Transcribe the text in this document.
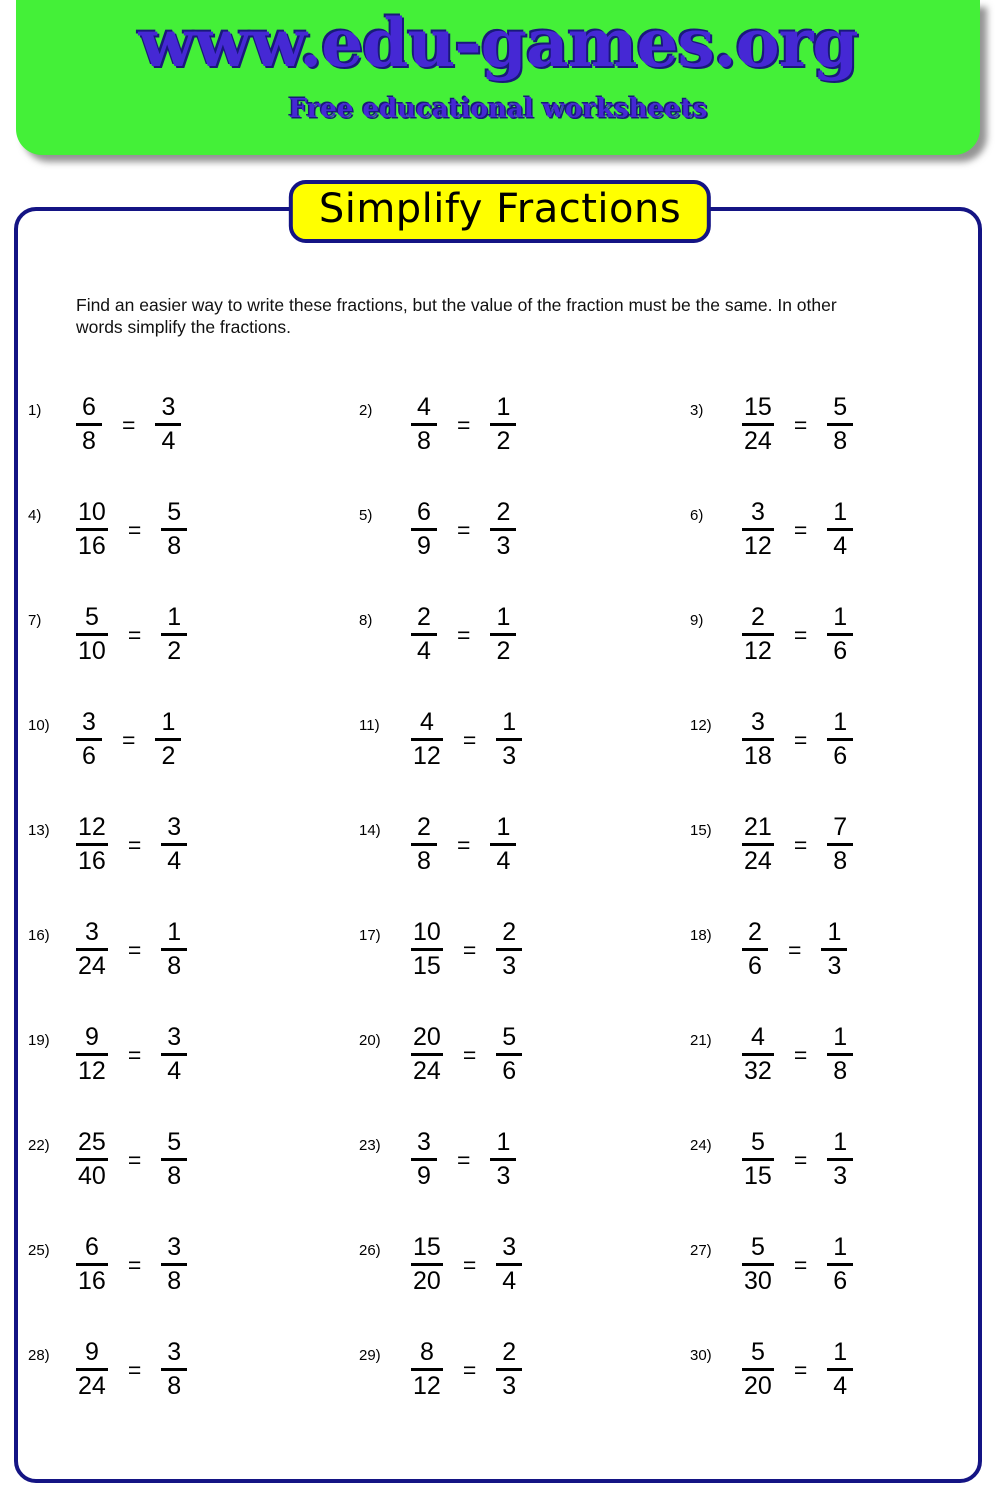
www.edu-games.org
Free educational worksheets
Simplify Fractions
Find an easier way to write these fractions, but the value of the fraction must be the same. In other words simplify the fractions.
$1) \frac{6}{8} = \frac{3}{4}$	$2) \frac{4}{8} = \frac{1}{2}$	$3) \frac{15}{24} = \frac{5}{8}$
$4) \frac{10}{16} = \frac{5}{8}$	$5) \frac{6}{9} = \frac{2}{3}$	$6) \frac{3}{12} = \frac{1}{4}$
$7) \frac{5}{10} = \frac{1}{2}$	$8) \frac{2}{4} = \frac{1}{2}$	$9) \frac{2}{12} = \frac{1}{6}$
$10) \frac{3}{6} = \frac{1}{2}$	$11) \frac{4}{12} = \frac{1}{3}$	$12) \frac{3}{18} = \frac{1}{6}$
$13) \frac{12}{16} = \frac{3}{4}$	$14) \frac{2}{8} = \frac{1}{4}$	$15) \frac{21}{24} = \frac{7}{8}$
$16) \frac{3}{24} = \frac{1}{8}$	$17) \frac{10}{15} = \frac{2}{3}$	$18) \frac{2}{6} = \frac{1}{3}$
$19) \frac{9}{12} = \frac{3}{4}$	$20) \frac{20}{24} = \frac{5}{6}$	$21) \frac{4}{32} = \frac{1}{8}$
$22) \frac{25}{40} = \frac{5}{8}$	$23) \frac{3}{9} = \frac{1}{3}$	$24) \frac{5}{15} = \frac{1}{3}$
$25) \frac{6}{16} = \frac{3}{8}$	$26) \frac{15}{20} = \frac{3}{4}$	$27) \frac{5}{30} = \frac{1}{6}$
$28) \frac{9}{24} = \frac{3}{8}$	$29) \frac{8}{12} = \frac{2}{3}$	$30) \frac{5}{20} = \frac{1}{4}$
